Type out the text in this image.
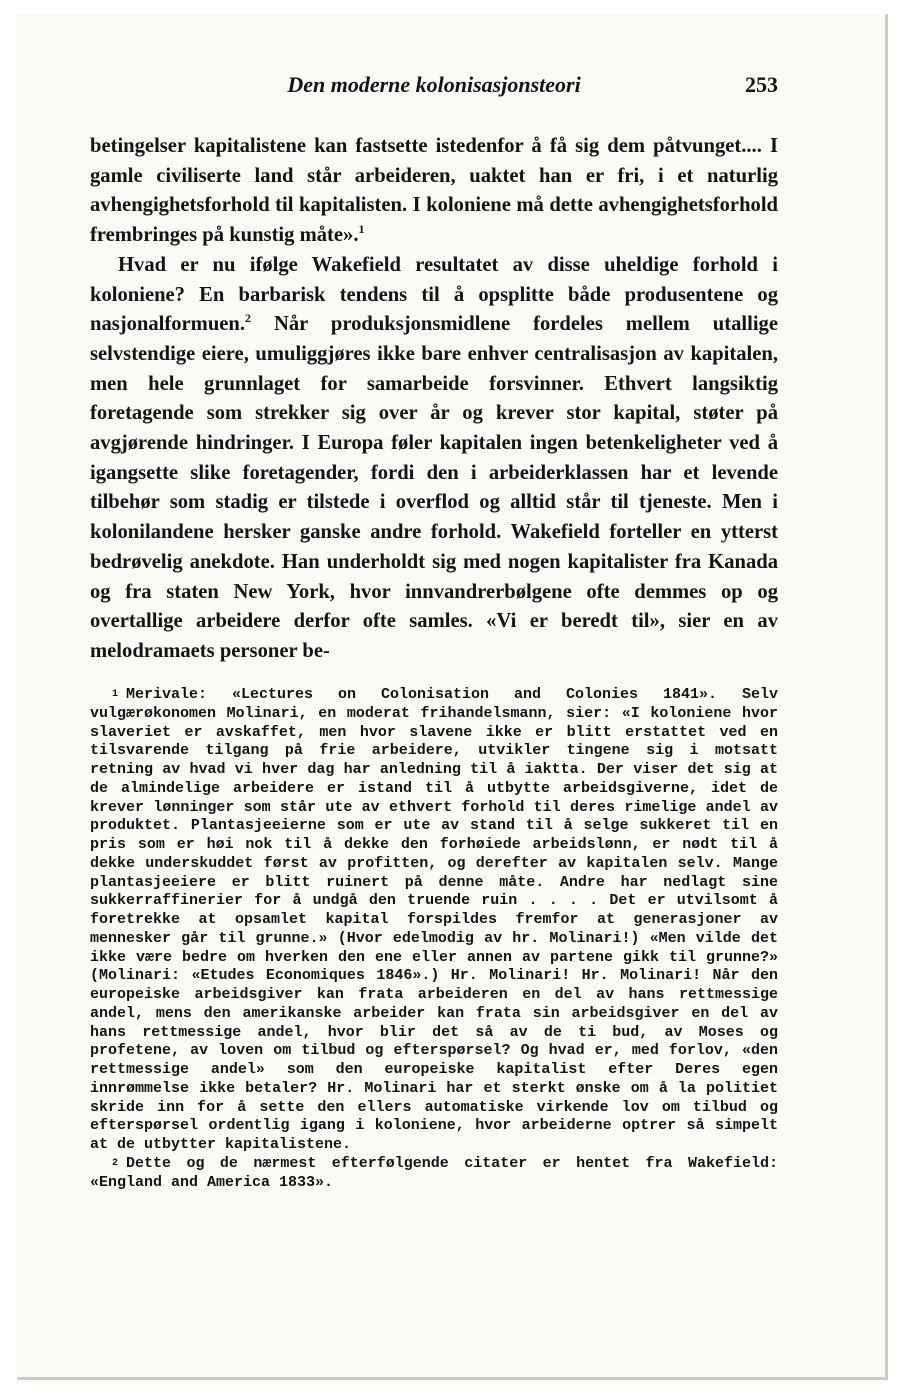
Den moderne kolonisasjonsteori	253

betingelser kapitalistene kan fastsette istedenfor å få sig dem påtvunget.... I gamle civiliserte land står arbeideren, uaktet han er fri, i et naturlig avhengighetsforhold til kapitalisten. I koloniene må dette avhengighetsforhold frembringes på kunstig måte».$^1$

Hvad er nu ifølge Wakefield resultatet av disse uheldige forhold i koloniene? En barbarisk tendens til å opsplitte både produsentene og nasjonalformuen.$^2$ Når produksjonsmidlene fordeles mellem utallige selvstendige eiere, umuliggjøres ikke bare enhver centralisasjon av kapitalen, men hele grunnlaget for samarbeide forsvinner. Ethvert langsiktig foretagende som strekker sig over år og krever stor kapital, støter på avgjørende hindringer. I Europa føler kapitalen ingen betenkeligheter ved å igangsette slike foretagender, fordi den i arbeiderklassen har et levende tilbehør som stadig er tilstede i overflod og alltid står til tjeneste. Men i kolonilandene hersker ganske andre forhold. Wakefield forteller en ytterst bedrøvelig anekdote. Han underholdt sig med nogen kapitalister fra Kanada og fra staten New York, hvor innvandrerbølgene ofte demmes op og overtallige arbeidere derfor ofte samles. «Vi er beredt til», sier en av melodramaets personer be-

1 Merivale: «Lectures on Colonisation and Colonies 1841». Selv vulgærøkonomen Molinari, en moderat frihandelsmann, sier: «I koloniene hvor slaveriet er avskaffet, men hvor slavene ikke er blitt erstattet ved en tilsvarende tilgang på frie arbeidere, utvikler tingene sig i motsatt retning av hvad vi hver dag har anledning til å iaktta. Der viser det sig at de almindelige arbeidere er istand til å utbytte arbeidsgiverne, idet de krever lønninger som står ute av ethvert forhold til deres rimelige andel av produktet. Plantasjeeierne som er ute av stand til å selge sukkeret til en pris som er høi nok til å dekke den forhøiede arbeidslønn, er nødt til å dekke underskuddet først av profitten, og derefter av kapitalen selv. Mange plantasjeeiere er blitt ruinert på denne måte. Andre har nedlagt sine sukkerraffinerier for å undgå den truende ruin . . . . Det er utvilsomt å foretrekke at opsamlet kapital forspildes fremfor at generasjoner av mennesker går til grunne.» (Hvor edelmodig av hr. Molinari!) «Men vilde det ikke være bedre om hverken den ene eller annen av partene gikk til grunne?» (Molinari: «Etudes Economiques 1846».) Hr. Molinari! Hr. Molinari! Når den europeiske arbeidsgiver kan frata arbeideren en del av hans rettmessige andel, mens den amerikanske arbeider kan frata sin arbeidsgiver en del av hans rettmessige andel, hvor blir det så av de ti bud, av Moses og profetene, av loven om tilbud og efterspørsel? Og hvad er, med forlov, «den rettmessige andel» som den europeiske kapitalist efter Deres egen innrømmelse ikke betaler? Hr. Molinari har et sterkt ønske om å la politiet skride inn for å sette den ellers automatiske virkende lov om tilbud og efterspørsel ordentlig igang i koloniene, hvor arbeiderne optrer så simpelt at de utbytter kapitalistene.

2 Dette og de nærmest efterfølgende citater er hentet fra Wakefield: «England and America 1833».
